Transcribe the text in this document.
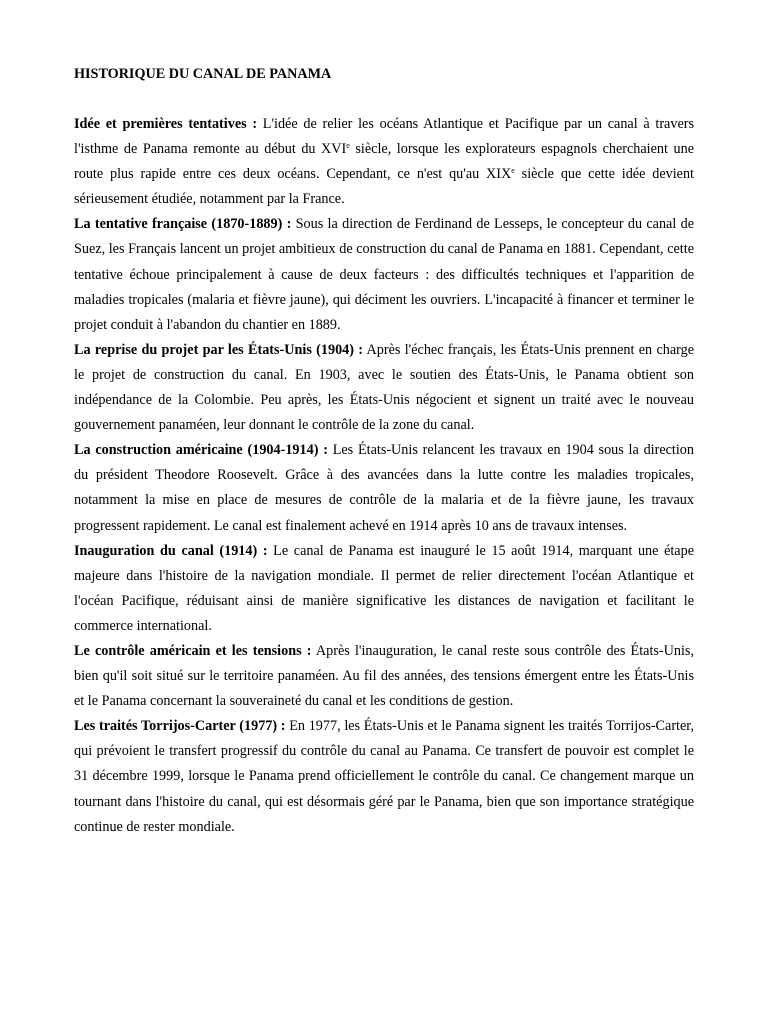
HISTORIQUE DU CANAL DE PANAMA

Idée et premières tentatives : L'idée de relier les océans Atlantique et Pacifique par un canal à travers l'isthme de Panama remonte au début du XVIe siècle, lorsque les explorateurs espagnols cherchaient une route plus rapide entre ces deux océans. Cependant, ce n'est qu'au XIXe siècle que cette idée devient sérieusement étudiée, notamment par la France.

La tentative française (1870-1889) : Sous la direction de Ferdinand de Lesseps, le concepteur du canal de Suez, les Français lancent un projet ambitieux de construction du canal de Panama en 1881. Cependant, cette tentative échoue principalement à cause de deux facteurs : des difficultés techniques et l'apparition de maladies tropicales (malaria et fièvre jaune), qui déciment les ouvriers. L'incapacité à financer et terminer le projet conduit à l'abandon du chantier en 1889.

La reprise du projet par les États-Unis (1904) : Après l'échec français, les États-Unis prennent en charge le projet de construction du canal. En 1903, avec le soutien des États-Unis, le Panama obtient son indépendance de la Colombie. Peu après, les États-Unis négocient et signent un traité avec le nouveau gouvernement panaméen, leur donnant le contrôle de la zone du canal.

La construction américaine (1904-1914) : Les États-Unis relancent les travaux en 1904 sous la direction du président Theodore Roosevelt. Grâce à des avancées dans la lutte contre les maladies tropicales, notamment la mise en place de mesures de contrôle de la malaria et de la fièvre jaune, les travaux progressent rapidement. Le canal est finalement achevé en 1914 après 10 ans de travaux intenses.

Inauguration du canal (1914) : Le canal de Panama est inauguré le 15 août 1914, marquant une étape majeure dans l'histoire de la navigation mondiale. Il permet de relier directement l'océan Atlantique et l'océan Pacifique, réduisant ainsi de manière significative les distances de navigation et facilitant le commerce international.

Le contrôle américain et les tensions : Après l'inauguration, le canal reste sous contrôle des États-Unis, bien qu'il soit situé sur le territoire panaméen. Au fil des années, des tensions émergent entre les États-Unis et le Panama concernant la souveraineté du canal et les conditions de gestion.

Les traités Torrijos-Carter (1977) : En 1977, les États-Unis et le Panama signent les traités Torrijos-Carter, qui prévoient le transfert progressif du contrôle du canal au Panama. Ce transfert de pouvoir est complet le 31 décembre 1999, lorsque le Panama prend officiellement le contrôle du canal. Ce changement marque un tournant dans l'histoire du canal, qui est désormais géré par le Panama, bien que son importance stratégique continue de rester mondiale.
